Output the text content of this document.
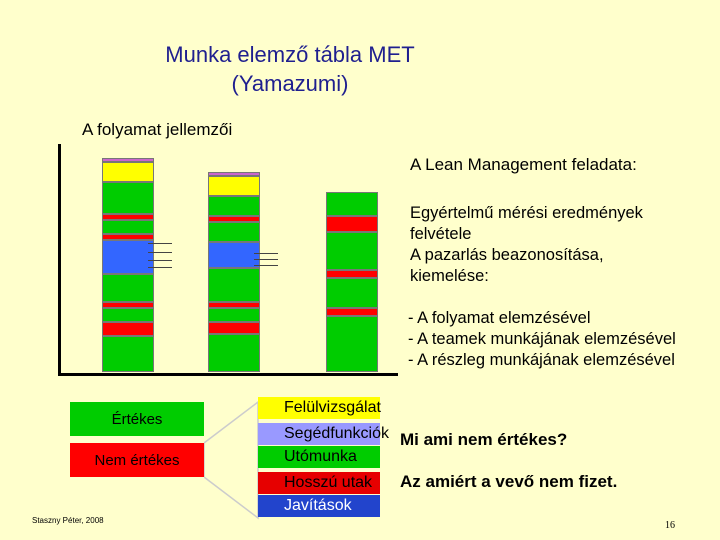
Munka elemző tábla MET
(Yamazumi)
A folyamat jellemzői
A Lean Management feladata:
Egyértelmű mérési eredmények
felvétele
A pazarlás beazonosítása,
kiemelése:
- A folyamat elemzésével
- A teamek munkájának elemzésével
- A részleg munkájának elemzésével
Értékes
Nem értékes
Felülvizsgálat
Segédfunkciók
Utómunka
Hosszú utak
Javítások
Mi ami nem értékes?
Az amiért a vevő nem fizet.
Staszny Péter, 2008	16
